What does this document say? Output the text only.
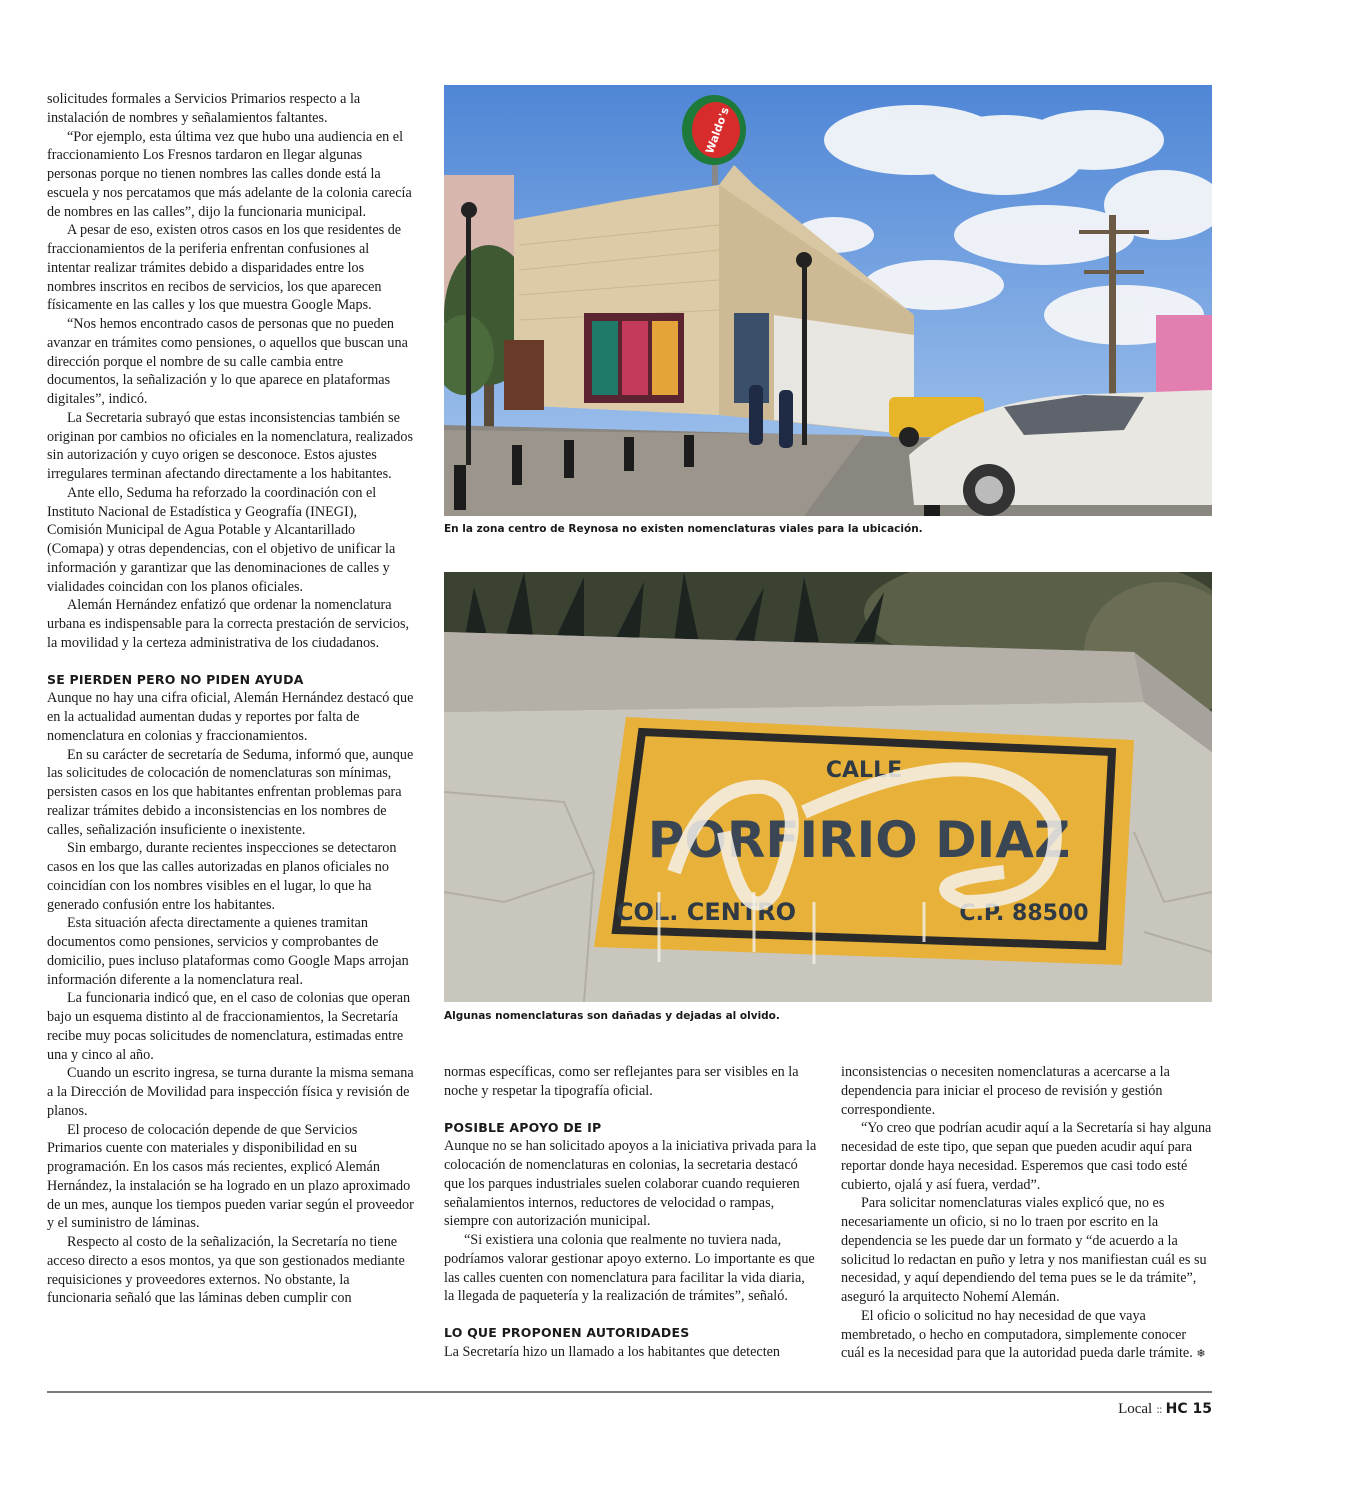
solicitudes formales a Servicios Primarios respecto a la instalación de nombres y señalamientos faltantes.

“Por ejemplo, esta última vez que hubo una audiencia en el fraccionamiento Los Fresnos tardaron en llegar algunas personas porque no tienen nombres las calles donde está la escuela y nos percatamos que más adelante de la colonia carecía de nombres en las calles”, dijo la funcionaria municipal.

A pesar de eso, existen otros casos en los que residentes de fraccionamientos de la periferia enfrentan confusiones al intentar realizar trámites debido a disparidades entre los nombres inscritos en recibos de servicios, los que aparecen físicamente en las calles y los que muestra Google Maps.

“Nos hemos encontrado casos de personas que no pueden avanzar en trámites como pensiones, o aquellos que buscan una dirección porque el nombre de su calle cambia entre documentos, la señalización y lo que aparece en plataformas digitales”, indicó.

La Secretaria subrayó que estas inconsistencias también se originan por cambios no oficiales en la nomenclatura, realizados sin autorización y cuyo origen se desconoce. Estos ajustes irregulares terminan afectando directamente a los habitantes.

Ante ello, Seduma ha reforzado la coordinación con el Instituto Nacional de Estadística y Geografía (INEGI), Comisión Municipal de Agua Potable y Alcantarillado (Comapa) y otras dependencias, con el objetivo de unificar la información y garantizar que las denominaciones de calles y vialidades coincidan con los planos oficiales.

Alemán Hernández enfatizó que ordenar la nomenclatura urbana es indispensable para la correcta prestación de servicios, la movilidad y la certeza administrativa de los ciudadanos.

SE PIERDEN PERO NO PIDEN AYUDA

Aunque no hay una cifra oficial, Alemán Hernández destacó que en la actualidad aumentan dudas y reportes por falta de nomenclatura en colonias y fraccionamientos.

En su carácter de secretaría de Seduma, informó que, aunque las solicitudes de colocación de nomenclaturas son mínimas, persisten casos en los que habitantes enfrentan problemas para realizar trámites debido a inconsistencias en los nombres de calles, señalización insuficiente o inexistente.

Sin embargo, durante recientes inspecciones se detectaron casos en los que las calles autorizadas en planos oficiales no coincidían con los nombres visibles en el lugar, lo que ha generado confusión entre los habitantes.

Esta situación afecta directamente a quienes tramitan documentos como pensiones, servicios y comprobantes de domicilio, pues incluso plataformas como Google Maps arrojan información diferente a la nomenclatura real.

La funcionaria indicó que, en el caso de colonias que operan bajo un esquema distinto al de fraccionamientos, la Secretaría recibe muy pocas solicitudes de nomenclatura, estimadas entre una y cinco al año.

Cuando un escrito ingresa, se turna durante la misma semana a la Dirección de Movilidad para inspección física y revisión de planos.

El proceso de colocación depende de que Servicios Primarios cuente con materiales y disponibilidad en su programación. En los casos más recientes, explicó Alemán Hernández, la instalación se ha logrado en un plazo aproximado de un mes, aunque los tiempos pueden variar según el proveedor y el suministro de láminas.

Respecto al costo de la señalización, la Secretaría no tiene acceso directo a esos montos, ya que son gestionados mediante requisiciones y proveedores externos. No obstante, la funcionaria señaló que las láminas deben cumplir con

Waldo's
En la zona centro de Reynosa no existen nomenclaturas viales para la ubicación.
CALLE
PORFIRIO DIAZ
COL. CENTRO	C.P. 88500
Algunas nomenclaturas son dañadas y dejadas al olvido.

normas específicas, como ser reflejantes para ser visibles en la noche y respetar la tipografía oficial.

POSIBLE APOYO DE IP

Aunque no se han solicitado apoyos a la iniciativa privada para la colocación de nomenclaturas en colonias, la secretaria destacó que los parques industriales suelen colaborar cuando requieren señalamientos internos, reductores de velocidad o rampas, siempre con autorización municipal.

“Si existiera una colonia que realmente no tuviera nada, podríamos valorar gestionar apoyo externo. Lo importante es que las calles cuenten con nomenclatura para facilitar la vida diaria, la llegada de paquetería y la realización de trámites”, señaló.

LO QUE PROPONEN AUTORIDADES

La Secretaría hizo un llamado a los habitantes que detecten

inconsistencias o necesiten nomenclaturas a acercarse a la dependencia para iniciar el proceso de revisión y gestión correspondiente.

“Yo creo que podrían acudir aquí a la Secretaría si hay alguna necesidad de este tipo, que sepan que pueden acudir aquí para reportar donde haya necesidad. Esperemos que casi todo esté cubierto, ojalá y así fuera, verdad”.

Para solicitar nomenclaturas viales explicó que, no es necesariamente un oficio, si no lo traen por escrito en la dependencia se les puede dar un formato y “de acuerdo a la solicitud lo redactan en puño y letra y nos manifiestan cuál es su necesidad, y aquí dependiendo del tema pues se le da trámite”, aseguró la arquitecto Nohemí Alemán.

El oficio o solicitud no hay necesidad de que vaya membretado, o hecho en computadora, simplemente conocer cuál es la necesidad para que la autoridad pueda darle trámite. ❄

Local :: HC 15
